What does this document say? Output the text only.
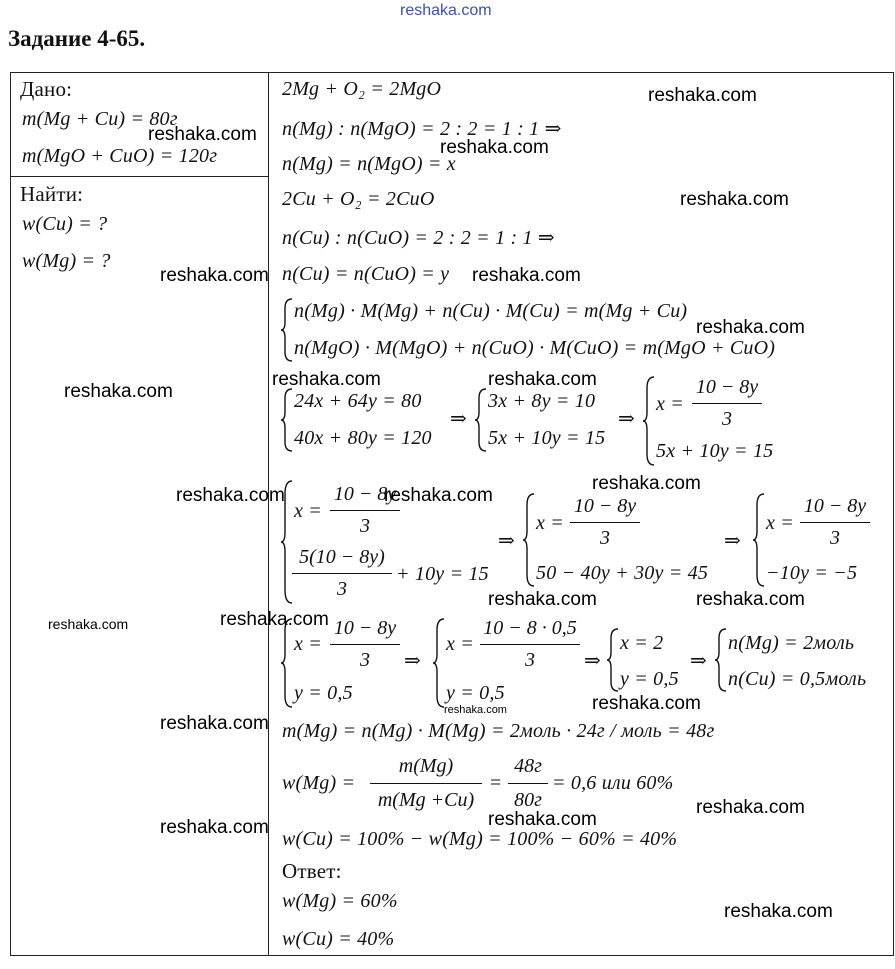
reshaka.com
Задание 4-65.
Дано:
m(Mg + Cu) = 80г
m(MgO + CuO) = 120г
Найти:
w(Cu) = ?
w(Mg) = ?
2Mg + O₂ = 2MgO
n(Mg) : n(MgO) = 2 : 2 = 1 : 1 ⇒
n(Mg) = n(MgO) = x
2Cu + O₂ = 2CuO
n(Cu) : n(CuO) = 2 : 2 = 1 : 1 ⇒
n(Cu) = n(CuO) = y
n(Mg) · M(Mg) + n(Cu) · M(Cu) = m(Mg + Cu)
n(MgO) · M(MgO) + n(CuO) · M(CuO) = m(MgO + CuO)
24x + 64y = 80
40x + 80y = 120
⇒
3x + 8y = 10
5x + 10y = 15
⇒
x =
10 − 8y
3
5x + 10y = 15
x =
10 − 8y
3
5(10 − 8y)
3
+ 10y = 15
⇒
x =
10 − 8y
3
50 − 40y + 30y = 45
⇒
x =
10 − 8y
3
−10y = −5
x =
10 − 8y
3
y = 0,5
⇒
x =
10 − 8 · 0,5
3
y = 0,5
⇒
x = 2
y = 0,5
⇒
n(Mg) = 2моль
n(Cu) = 0,5моль
m(Mg) = n(Mg) · M(Mg) = 2моль · 24г / моль = 48г
w(Mg) =
m(Mg)
m(Mg +Cu)
=
48г
80г
= 0,6 или 60%
w(Cu) = 100% − w(Mg) = 100% − 60% = 40%
Ответ:
w(Mg) = 60%
w(Cu) = 40%
reshaka.com
reshaka.com
reshaka.com
reshaka.com
reshaka.com	reshaka.com
reshaka.com
reshaka.com
reshaka.com	reshaka.com
reshaka.com
reshaka.com	reshaka.com
reshaka.com	reshaka.com
reshaka.com	reshaka.com
reshaka.com	reshaka.com
reshaka.com
reshaka.com
reshaka.com
reshaka.com
reshaka.com
